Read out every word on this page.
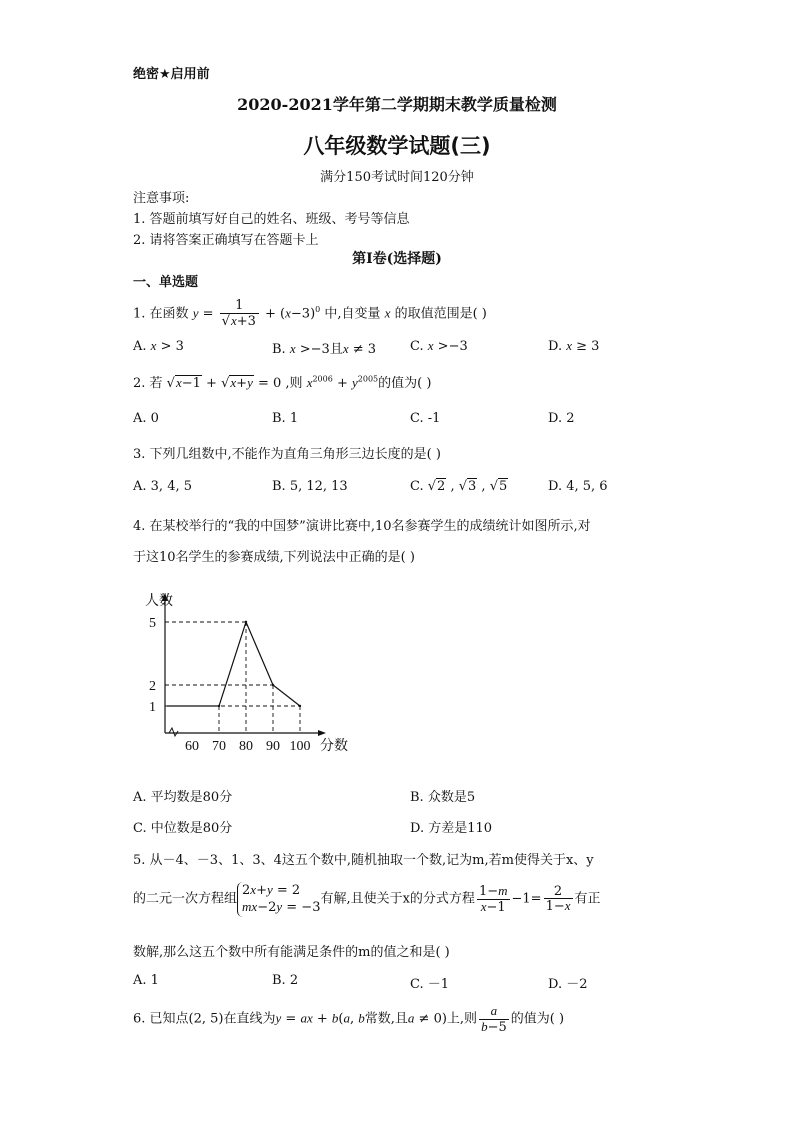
绝密★启用前
2020-2021学年第二学期期末教学质量检测
八年级数学试题(三)
满分150考试时间120分钟
注意事项:
1. 答题前填写好自己的姓名、班级、考号等信息
2. 请将答案正确填写在答题卡上
第Ⅰ卷(选择题)
一、单选题
1. 在函数 $y = \frac{1}{√x+3} + (x-3)^0$ 中,自变量 x 的取值范围是( )
A. x > 3	B. x >−3且x ≠ 3	C. x >−3	D. x ≥ 3
2. 若 √x−1 + √x+y = 0 ,则 $x^{2006} + y^{2005}$的值为( )
A. 0	B. 1	C. -1	D. 2
3. 下列几组数中,不能作为直角三角形三边长度的是( )
A. 3, 4, 5	B. 5, 12, 13	C. √2 , √3 , √5	D. 4, 5, 6
4. 在某校举行的“我的中国梦”演讲比赛中,10名参赛学生的成绩统计如图所示,对
于这10名学生的参赛成绩,下列说法中正确的是( )
1
2
5
60 70 80 90 100
人数
分数
A. 平均数是80分	B. 众数是5
C. 中位数是80分	D. 方差是110
5. 从－4、－3、1、3、4这五个数中,随机抽取一个数,记为m,若m使得关于x、y
的二元一次方程组2x+y = 2
mx−2y = −3有解,且使关于x的分式方程 $\frac{1-m}{x-1} -1= \frac{2}{1-x}$ 有正
数解,那么这五个数中所有能满足条件的m的值之和是( )
A. 1	B. 2	C. －1	D. －2
6. 已知点(2, 5)在直线为y = ax + b(a, b常数,且a ≠ 0)上,则 $\frac{a}{b-5}$ 的值为( )
